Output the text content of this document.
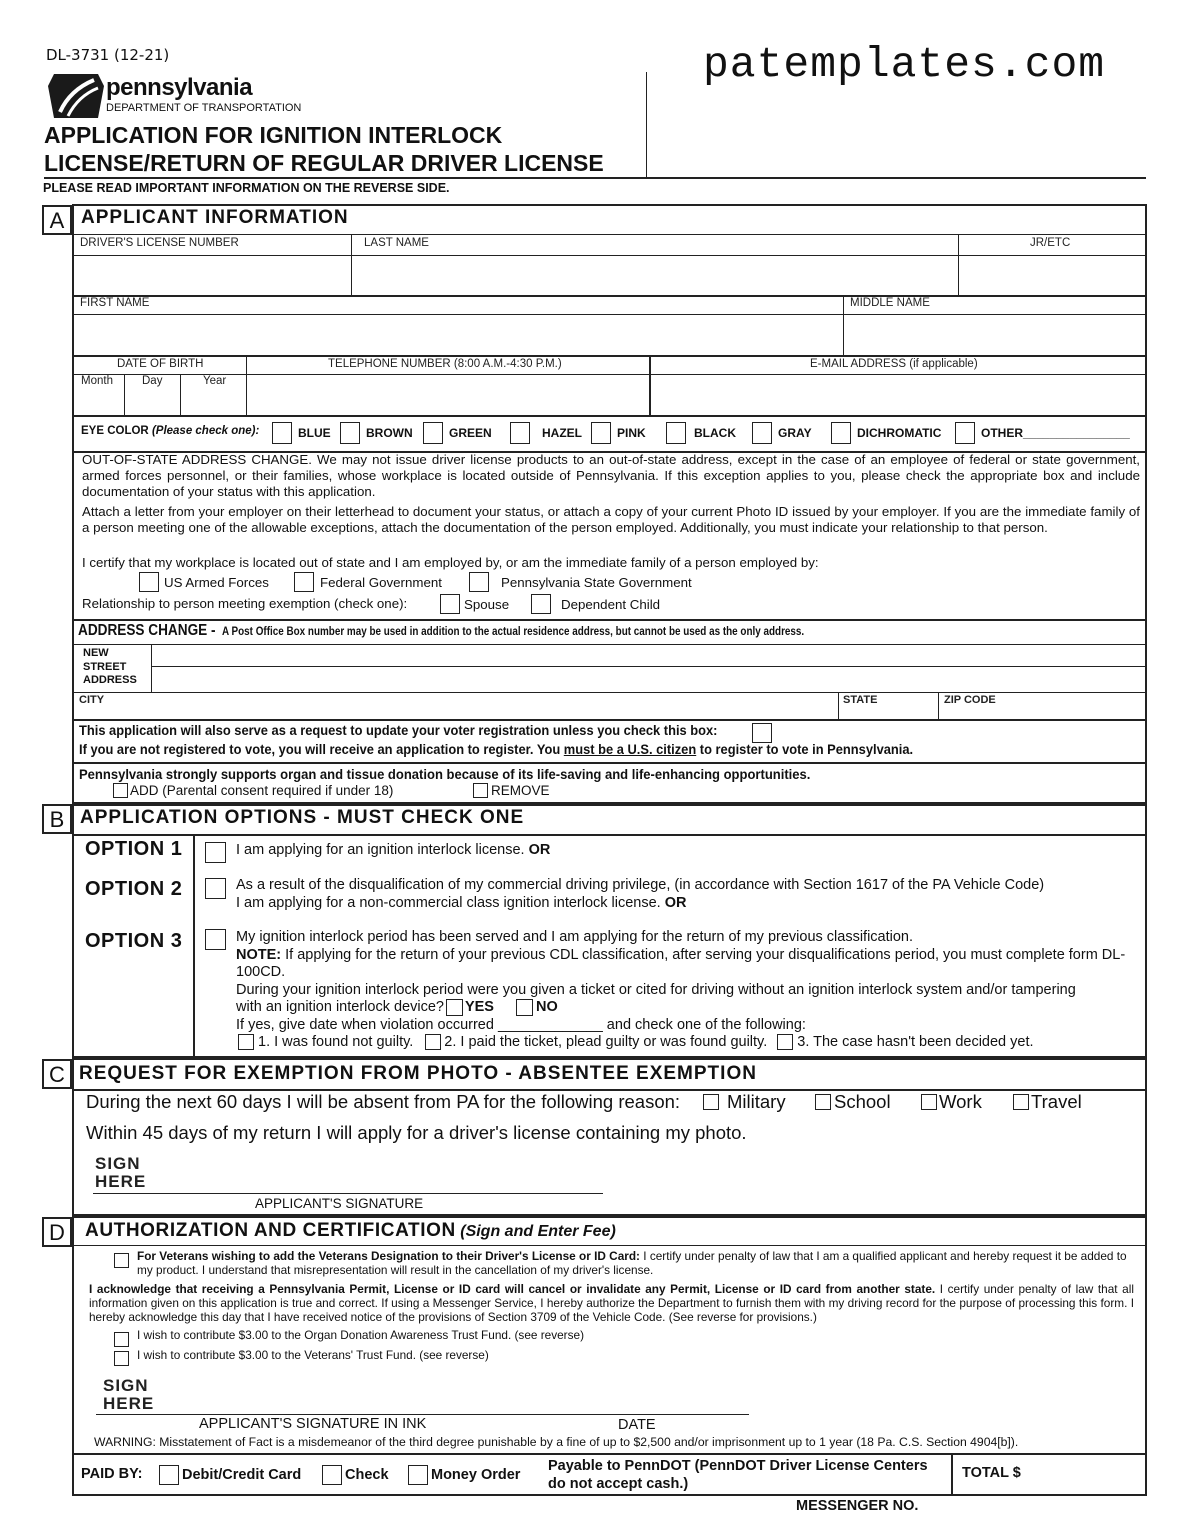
DL-3731 (12-21)
pennsylvania
DEPARTMENT OF TRANSPORTATION
patemplates.com
APPLICATION FOR IGNITION INTERLOCK
LICENSE/RETURN OF REGULAR DRIVER LICENSE
PLEASE READ IMPORTANT INFORMATION ON THE REVERSE SIDE.
A APPLICANT INFORMATION
DRIVER'S LICENSE NUMBER	LAST NAME	JR/ETC
FIRST NAME	MIDDLE NAME
DATE OF BIRTH
Month	Day	Year
TELEPHONE NUMBER (8:00 A.M.-4:30 P.M.)	E-MAIL ADDRESS (if applicable)
EYE COLOR (Please check one):	BLUE	BROWN	GREEN	HAZEL	PINK	BLACK	GRAY	DICHROMATIC	OTHER________________
OUT-OF-STATE ADDRESS CHANGE. We may not issue driver license products to an out-of-state address, except in the case of an employee of federal or state government, armed forces personnel, or their families, whose workplace is located outside of Pennsylvania. If this exception applies to you, please check the appropriate box and include documentation of your status with this application.
Attach a letter from your employer on their letterhead to document your status, or attach a copy of your current Photo ID issued by your employer. If you are the immediate family of a person meeting one of the allowable exceptions, attach the documentation of the person employed. Additionally, you must indicate your relationship to that person.
I certify that my workplace is located out of state and I am employed by, or am the immediate family of a person employed by:
US Armed Forces	Federal Government	Pennsylvania State Government
Relationship to person meeting exemption (check one):	Spouse	Dependent Child
ADDRESS CHANGE - A Post Office Box number may be used in addition to the actual residence address, but cannot be used as the only address.
NEW
STREET
ADDRESS
CITY	STATE	ZIP CODE
This application will also serve as a request to update your voter registration unless you check this box:
If you are not registered to vote, you will receive an application to register. You must be a U.S. citizen to register to vote in Pennsylvania.
Pennsylvania strongly supports organ and tissue donation because of its life-saving and life-enhancing opportunities.
ADD (Parental consent required if under 18)	REMOVE
B APPLICATION OPTIONS - MUST CHECK ONE
OPTION 1	I am applying for an ignition interlock license. OR
OPTION 2	As a result of the disqualification of my commercial driving privilege, (in accordance with Section 1617 of the PA Vehicle Code)
I am applying for a non-commercial class ignition interlock license. OR
OPTION 3	My ignition interlock period has been served and I am applying for the return of my previous classification.
NOTE: If applying for the return of your previous CDL classification, after serving your disqualifications period, you must complete form DL-100CD.
During your ignition interlock period were you given a ticket or cited for driving without an ignition interlock system and/or tampering
with an ignition interlock device? YES	NO
If yes, give date when violation occurred _____________ and check one of the following:
1. I was found not guilty. 2. I paid the ticket, plead guilty or was found guilty. 3. The case hasn't been decided yet.
C REQUEST FOR EXEMPTION FROM PHOTO - ABSENTEE EXEMPTION
During the next 60 days I will be absent from PA for the following reason:	Military	School	Work	Travel
Within 45 days of my return I will apply for a driver's license containing my photo.
SIGN
HERE
APPLICANT'S SIGNATURE
D	AUTHORIZATION AND CERTIFICATION (Sign and Enter Fee)
For Veterans wishing to add the Veterans Designation to their Driver's License or ID Card: I certify under penalty of law that I am a qualified applicant and hereby request it be added to my product. I understand that misrepresentation will result in the cancellation of my driver's license.
I acknowledge that receiving a Pennsylvania Permit, License or ID card will cancel or invalidate any Permit, License or ID card from another state. I certify under penalty of law that all information given on this application is true and correct. If using a Messenger Service, I hereby authorize the Department to furnish them with my driving record for the purpose of processing this form. I hereby acknowledge this day that I have received notice of the provisions of Section 3709 of the Vehicle Code. (See reverse for provisions.)
I wish to contribute $3.00 to the Organ Donation Awareness Trust Fund. (see reverse)
I wish to contribute $3.00 to the Veterans' Trust Fund. (see reverse)
SIGN
HERE
APPLICANT'S SIGNATURE IN INK	DATE
WARNING: Misstatement of Fact is a misdemeanor of the third degree punishable by a fine of up to $2,500 and/or imprisonment up to 1 year (18 Pa. C.S. Section 4904[b]).
PAID BY:	Debit/Credit Card	Check	Money Order
Payable to PennDOT (PennDOT Driver License Centers
do not accept cash.)
TOTAL $
MESSENGER NO.
